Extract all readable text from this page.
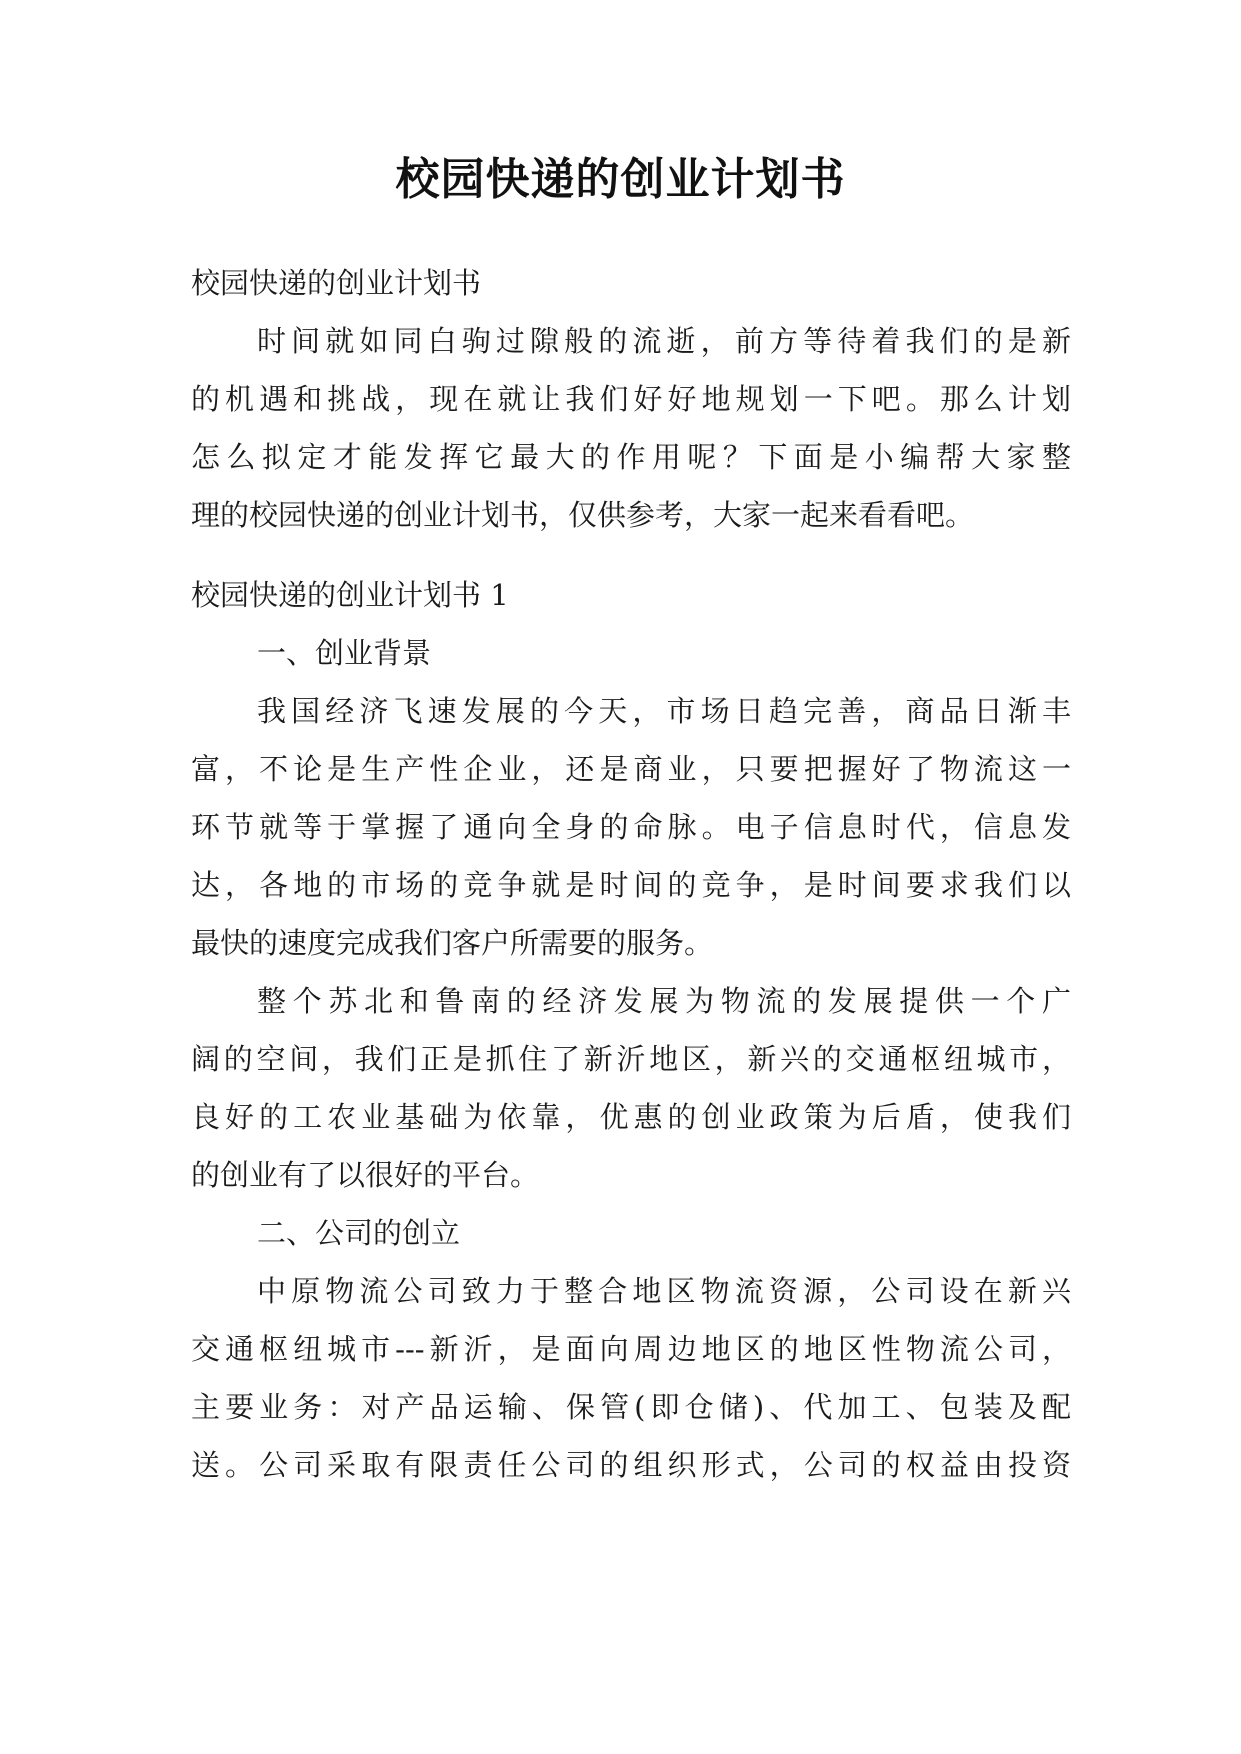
校园快递的创业计划书
校园快递的创业计划书
时间就如同白驹过隙般的流逝，前方等待着我们的是新
的机遇和挑战，现在就让我们好好地规划一下吧。那么计划
怎么拟定才能发挥它最大的作用呢？下面是小编帮大家整
理的校园快递的创业计划书，仅供参考，大家一起来看看吧。
校园快递的创业计划书 1
一、创业背景
我国经济飞速发展的今天，市场日趋完善，商品日渐丰
富，不论是生产性企业，还是商业，只要把握好了物流这一
环节就等于掌握了通向全身的命脉。电子信息时代，信息发
达，各地的市场的竞争就是时间的竞争，是时间要求我们以
最快的速度完成我们客户所需要的服务。
整个苏北和鲁南的经济发展为物流的发展提供一个广
阔的空间，我们正是抓住了新沂地区，新兴的交通枢纽城市，
良好的工农业基础为依靠，优惠的创业政策为后盾，使我们
的创业有了以很好的平台。
二、公司的创立
中原物流公司致力于整合地区物流资源，公司设在新兴
交通枢纽城市---新沂，是面向周边地区的地区性物流公司，
主要业务：对产品运输、保管(即仓储)、代加工、包装及配
送。公司采取有限责任公司的组织形式，公司的权益由投资
